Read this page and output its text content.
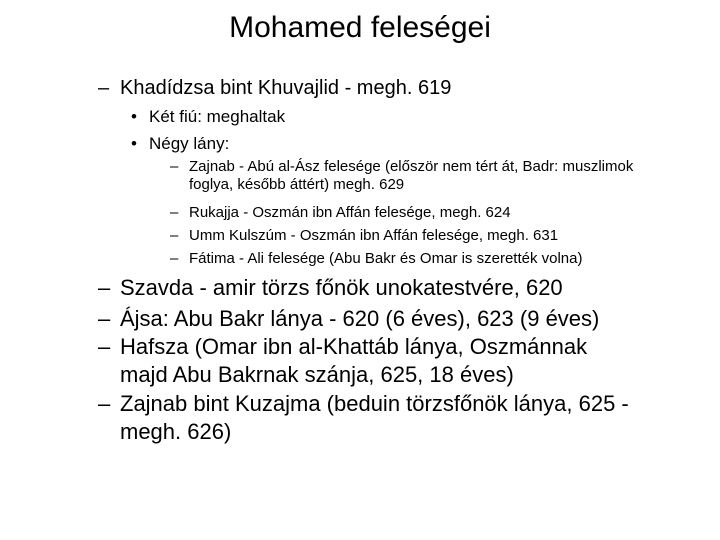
Mohamed feleségei
– Khadídzsa bint Khuvajlid - megh. 619
• Két fiú: meghaltak
• Négy lány:
– Zajnab - Abú al-Ász felesége (először nem tért át, Badr: muszlimok foglya, később áttért) megh. 629
– Rukajja - Oszmán ibn Affán felesége, megh. 624
– Umm Kulszúm - Oszmán ibn Affán felesége, megh. 631
– Fátima - Ali felesége (Abu Bakr és Omar is szerették volna)
– Szavda - amir törzs főnök unokatestvére, 620
– Ájsa: Abu Bakr lánya - 620 (6 éves), 623 (9 éves)
– Hafsza (Omar ibn al-Khattáb lánya, Oszmánnak majd Abu Bakrnak szánja, 625, 18 éves)
– Zajnab bint Kuzajma (beduin törzsfőnök lánya, 625 - megh. 626)
